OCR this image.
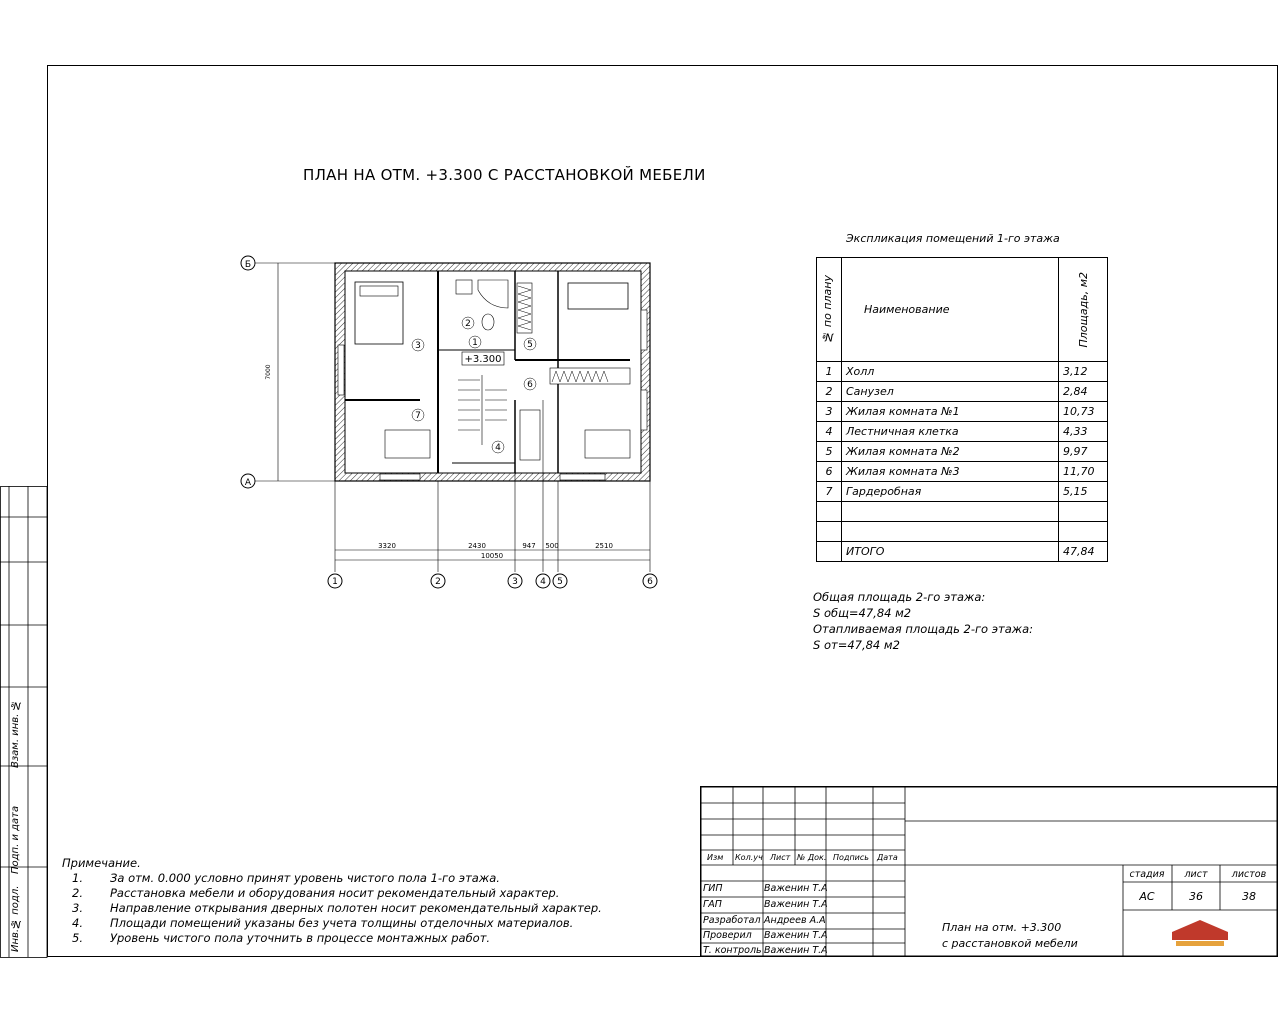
ПЛАН НА ОТМ. +3.300 С РАССТАНОВКОЙ МЕБЕЛИ
Б
А
7000
+3.300
1
2
3
4
5
6
7
3320	2430	947 500	2510
10050
1	2	3 4 5	6
Экспликация помещений 1-го этажа
№ по плану	Наименование	Площадь, м2

1	Холл	3,12
2	Санузел	2,84
3	Жилая комната №1	10,73
4	Лестничная клетка	4,33
5	Жилая комната №2	9,97
6	Жилая комната №3	11,70
7	Гардеробная	5,15

	ИТОГО	47,84
Общая площадь 2-го этажа:
S общ=47,84 м2
Отапливаемая площадь 2-го этажа:
S от=47,84 м2
Примечание.
1. За отм. 0.000 условно принят уровень чистого пола 1-го этажа.
2. Расстановка мебели и оборудования носит рекомендательный характер.
3. Направление открывания дверных полотен носит рекомендательный характер.
4. Площади помещений указаны без учета толщины отделочных материалов.
5. Уровень чистого пола уточнить в процессе монтажных работ.
Изм Кол.уч Лист № Док. Подпись Дата
ГИП	Важенин Т.А
ГАП	Важенин Т.А
Разработал Андреев А.А
Проверил Важенин Т.А
Т. контроль Важенин Т.А
План на отм. +3.300
с расстановкой мебели
стадия лист	листов
АС	36	38
Взам. инв. №
Подп. и дата
Инв.№ подл.
